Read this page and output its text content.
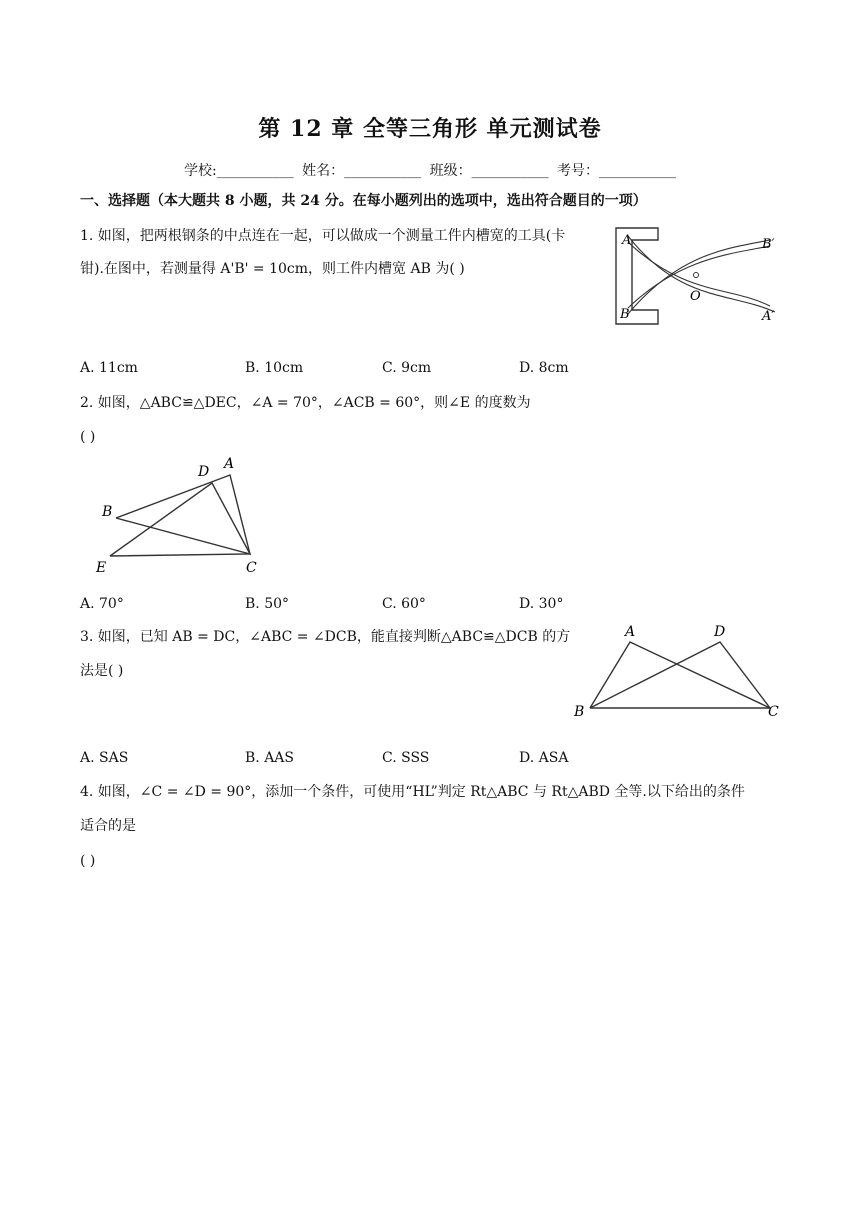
第 12 章 全等三角形 单元测试卷
学校:___________ 姓名：___________ 班级：___________ 考号：___________
一、选择题（本大题共 8 小题，共 24 分。在每小题列出的选项中，选出符合题目的一项）
1. 如图，把两根钢条的中点连在一起，可以做成一个测量工件内槽宽的工具(卡
钳).在图中，若测量得 A'B' = 10cm，则工件内槽宽 AB 为( )
A
B
B′
A′
O
A. 11cm	B. 10cm	C. 9cm	D. 8cm
2. 如图，△ABC≌△DEC，∠A = 70°，∠ACB = 60°，则∠E 的度数为
( )
D A
B
E	C
A. 70°	B. 50°	C. 60°	D. 30°
3. 如图，已知 AB = DC，∠ABC = ∠DCB，能直接判断△ABC≌△DCB 的方
法是( )
A	D
B	C
A. SAS	B. AAS	C. SSS	D. ASA
4. 如图，∠C = ∠D = 90°，添加一个条件，可使用“HL”判定 Rt△ABC 与 Rt△ABD 全等.以下给出的条件
适合的是
( )
